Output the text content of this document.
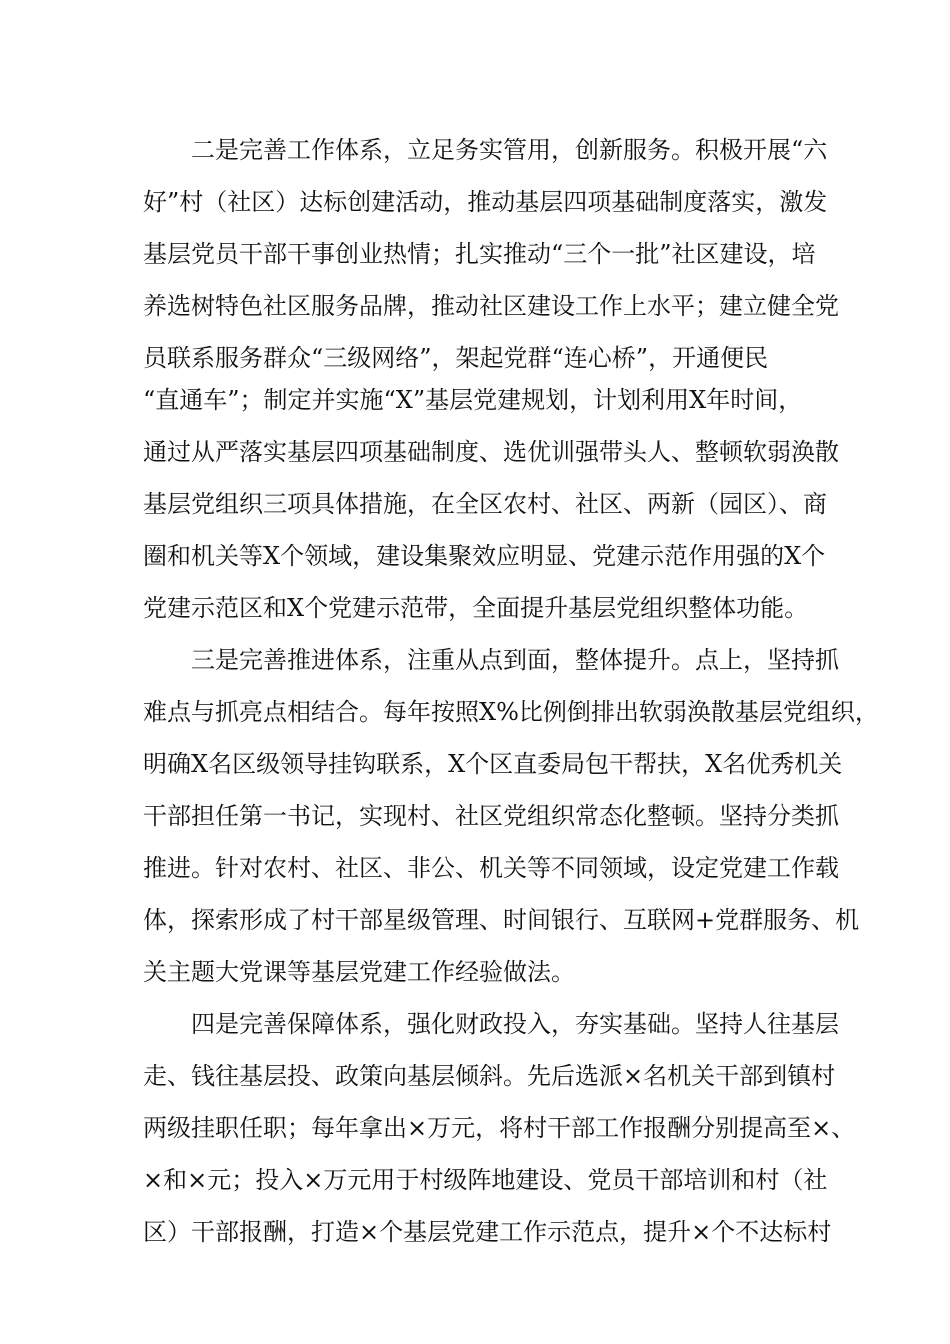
　　二是完善工作体系，立足务实管用，创新服务。积极开展“六
好”村（社区）达标创建活动，推动基层四项基础制度落实，激发
基层党员干部干事创业热情；扎实推动“三个一批”社区建设，培
养选树特色社区服务品牌，推动社区建设工作上水平；建立健全党
员联系服务群众“三级网络”，架起党群“连心桥”，开通便民
“直通车”；制定并实施“X”基层党建规划，计划利用X年时间，
通过从严落实基层四项基础制度、选优训强带头人、整顿软弱涣散
基层党组织三项具体措施，在全区农村、社区、两新（园区）、商
圈和机关等X个领域，建设集聚效应明显、党建示范作用强的X个
党建示范区和X个党建示范带，全面提升基层党组织整体功能。
　　三是完善推进体系，注重从点到面，整体提升。点上，坚持抓
难点与抓亮点相结合。每年按照X%比例倒排出软弱涣散基层党组织，
明确X名区级领导挂钩联系，X个区直委局包干帮扶，X名优秀机关
干部担任第一书记，实现村、社区党组织常态化整顿。坚持分类抓
推进。针对农村、社区、非公、机关等不同领域，设定党建工作载
体，探索形成了村干部星级管理、时间银行、互联网+党群服务、机
关主题大党课等基层党建工作经验做法。
　　四是完善保障体系，强化财政投入，夯实基础。坚持人往基层
走、钱往基层投、政策向基层倾斜。先后选派×名机关干部到镇村
两级挂职任职；每年拿出×万元，将村干部工作报酬分别提高至×、
×和×元；投入×万元用于村级阵地建设、党员干部培训和村（社
区）干部报酬，打造×个基层党建工作示范点，提升×个不达标村
